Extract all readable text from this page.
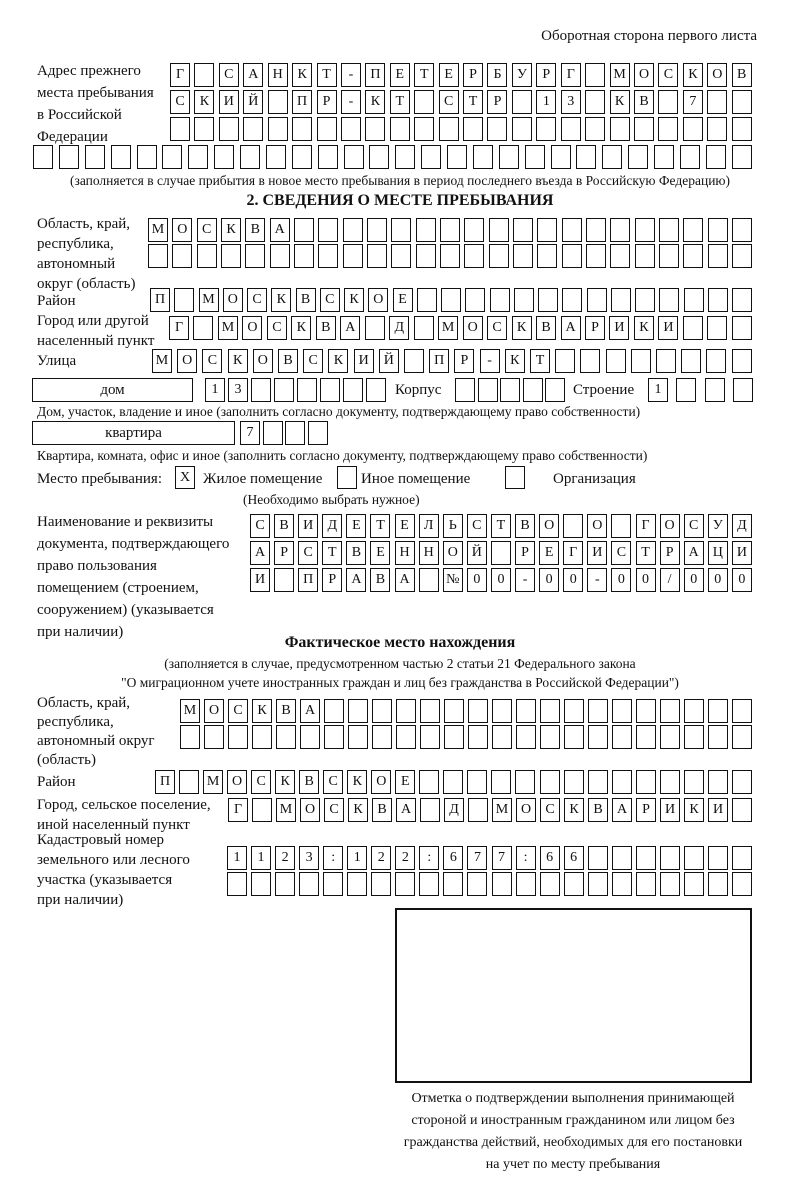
Оборотная сторона первого листа
Адрес прежнего
места пребывания
в Российской
Федерации
Г	С	А	Н	К	Т	-	П	Е	Т	Е	Р	Б	У	Р	Г	М О	С	К	О	В
С	К	И	Й	П	Р	-	К	Т	С	Т	Р	1	3	К	В	7
(заполняется в случае прибытия в новое место пребывания в период последнего въезда в Российскую Федерацию)
2. СВЕДЕНИЯ О МЕСТЕ ПРЕБЫВАНИЯ
Область, край,
республика,
автономный
округ (область)
М О	С	К	В	А
Район	П	М О	С	К	В	С	К	О	Е
Город или другой
населенный пункт
Г	М О	С	К	В	А	Д	М О	С	К	В	А	Р	И	К	И
Улица	М О	С	К	О	В	С	К	И	Й	П	Р	-	К	Т
дом	1	3	Корпус	Строение	1
Дом, участок, владение и иное (заполнить согласно документу, подтверждающему право собственности)
квартира	7
Квартира, комната, офис и иное (заполнить согласно документу, подтверждающему право собственности)
Место пребывания:	X Жилое помещение	Иное помещение	Организация
(Необходимо выбрать нужное)
Наименование и реквизиты
документа, подтверждающего
право пользования
помещением (строением,
сооружением) (указывается
при наличии)
С	В	И	Д	Е	Т	Е	Л	Ь	С	Т	В	О	О	Г	О	С	У	Д
А	Р	С	Т	В	Е	Н Н О Й	Р	Е	Г	И	С	Т	Р	А Ц И
И	П	Р	А	В	А	№ 0	0	-	0	0	-	0	0	/	0	0	0
Фактическое место нахождения
(заполняется в случае, предусмотренном частью 2 статьи 21 Федерального закона
"О миграционном учете иностранных граждан и лиц без гражданства в Российской Федерации")
Область, край,
республика,
автономный округ
(область)
М О	С	К	В	А
Район	П	М О	С	К	В	С	К	О	Е
Город, сельское поселение,
иной населенный пункт
Г	М О	С	К	В	А	Д	М О	С	К	В	А	Р	И	К	И
Кадастровый номер
земельного или лесного
участка (указывается
при наличии)
1	1	2	3	:	1	2	2	:	6	7	7	:	6	6
Отметка о подтверждении выполнения принимающей
стороной и иностранным гражданином или лицом без
гражданства действий, необходимых для его постановки
на учет по месту пребывания
